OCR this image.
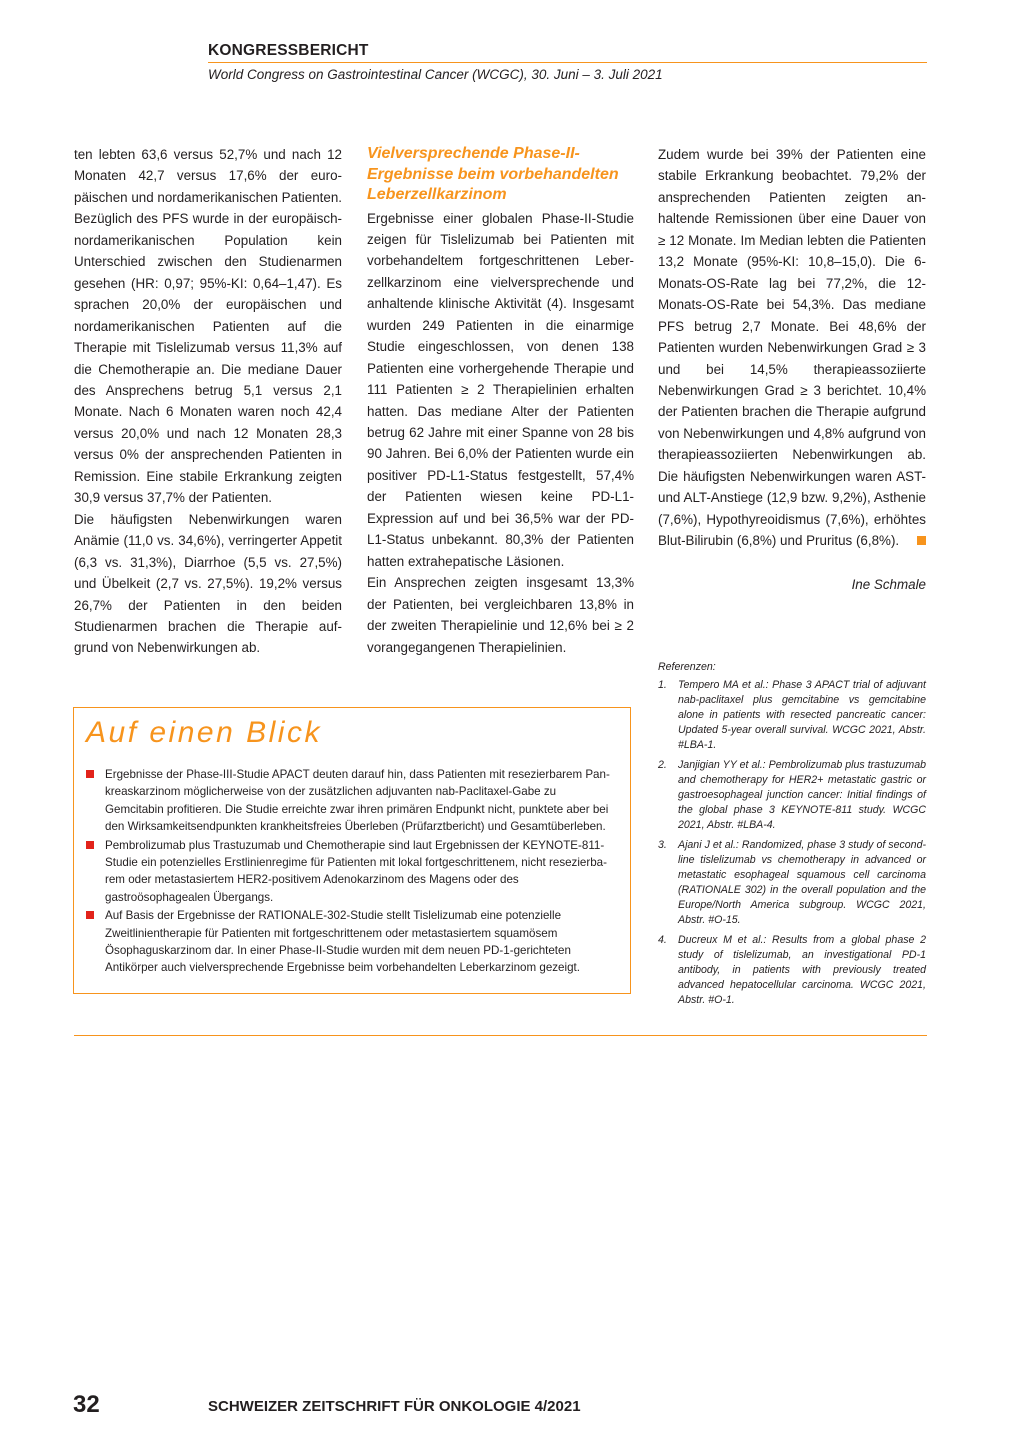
KONGRESSBERICHT
World Congress on Gastrointestinal Cancer (WCGC), 30. Juni – 3. Juli 2021

ten lebten 63,6 versus 52,7% und nach 12 Monaten 42,7 versus 17,6% der europäischen und nordamerikanischen Patienten. Bezüglich des PFS wurde in der europäisch-nordamerikanischen Population kein Unterschied zwischen den Studienarmen gesehen (HR: 0,97; 95%-KI: 0,64–1,47). Es sprachen 20,0% der europäischen und nordamerikanischen Patienten auf die Therapie mit Tislelizumab versus 11,3% auf die Chemotherapie an. Die mediane Dauer des Ansprechens betrug 5,1 versus 2,1 Monate. Nach 6 Monaten waren noch 42,4 versus 20,0% und nach 12 Monaten 28,3 versus 0% der ansprechenden Patienten in Remission. Eine stabile Erkrankung zeigten 30,9 versus 37,7% der Patienten.

Die häufigsten Nebenwirkungen waren Anämie (11,0 vs. 34,6%), verringerter Appetit (6,3 vs. 31,3%), Diarrhoe (5,5 vs. 27,5%) und Übelkeit (2,7 vs. 27,5%). 19,2% versus 26,7% der Patienten in den beiden Studienarmen brachen die Therapie aufgrund von Nebenwirkungen ab.

Vielversprechende Phase-II-Ergebnisse beim vorbehandelten Leberzellkarzinom

Ergebnisse einer globalen Phase-II-Studie zeigen für Tislelizumab bei Patienten mit vorbehandeltem fortgeschrittenen Leberzellkarzinom eine vielversprechende und anhaltende klinische Aktivität (4). Insgesamt wurden 249 Patienten in die einarmige Studie eingeschlossen, von denen 138 Patienten eine vorhergehende Therapie und 111 Patienten ≥ 2 Therapielinien erhalten hatten. Das mediane Alter der Patienten betrug 62 Jahre mit einer Spanne von 28 bis 90 Jahren. Bei 6,0% der Patienten wurde ein positiver PD-L1-Status festgestellt, 57,4% der Patienten wiesen keine PD-L1-Expression auf und bei 36,5% war der PD-L1-Status unbekannt. 80,3% der Patienten hatten extrahepatische Läsionen.

Ein Ansprechen zeigten insgesamt 13,3% der Patienten, bei vergleichbaren 13,8% in der zweiten Therapielinie und 12,6% bei ≥ 2 vorangegangenen Therapielinien.

Zudem wurde bei 39% der Patienten eine stabile Erkrankung beobachtet. 79,2% der ansprechenden Patienten zeigten anhaltende Remissionen über eine Dauer von ≥ 12 Monate. Im Median lebten die Patienten 13,2 Monate (95%-KI: 10,8–15,0). Die 6-Monats-OS-Rate lag bei 77,2%, die 12-Monats-OS-Rate bei 54,3%. Das mediane PFS betrug 2,7 Monate. Bei 48,6% der Patienten wurden Nebenwirkungen Grad ≥ 3 und bei 14,5% therapieassoziierte Nebenwirkungen Grad ≥ 3 berichtet. 10,4% der Patienten brachen die Therapie aufgrund von Nebenwirkungen und 4,8% aufgrund von therapieassoziierten Nebenwirkungen ab. Die häufigsten Nebenwirkungen waren AST- und ALT-Anstiege (12,9 bzw. 9,2%), Asthenie (7,6%), Hypothyreoidismus (7,6%), erhöhtes Blut-Bilirubin (6,8%) und Pruritus (6,8%).

Ine Schmale
Referenzen:
1.	Tempero MA et al.: Phase 3 APACT trial of adjuvant nab-paclitaxel plus gemcitabine vs gemcitabine alone in patients with resected pancreatic cancer: Updated 5-year overall survival. WCGC 2021, Abstr. #LBA-1.
2.	Janjigian YY et al.: Pembrolizumab plus trastuzumab and chemotherapy for HER2+ metastatic gastric or gastroesophageal junction cancer: Initial findings of the global phase 3 KEYNOTE-811 study. WCGC 2021, Abstr. #LBA-4.
3.	Ajani J et al.: Randomized, phase 3 study of second-line tislelizumab vs chemotherapy in advanced or metastatic esophageal squamous cell carcinoma (RATIONALE 302) in the overall population and the Europe/North America subgroup. WCGC 2021, Abstr. #O-15.
4.	Ducreux M et al.: Results from a global phase 2 study of tislelizumab, an investigational PD-1 antibody, in patients with previously treated advanced hepatocellular carcinoma. WCGC 2021, Abstr. #O-1.
Auf einen Blick
Ergebnisse der Phase-III-Studie APACT deuten darauf hin, dass Patienten mit resezierbarem Pankreaskarzinom möglicherweise von der zusätzlichen adjuvanten nab-Paclitaxel-Gabe zu Gemcitabin profitieren. Die Studie erreichte zwar ihren primären Endpunkt nicht, punktete aber bei den Wirksamkeitsendpunkten krankheitsfreies Überleben (Prüfarztbericht) und Gesamtüberleben.
Pembrolizumab plus Trastuzumab und Chemotherapie sind laut Ergebnissen der KEYNOTE-811-Studie ein potenzielles Erstlinienregime für Patienten mit lokal fortgeschrittenem, nicht resezierbarem oder metastasiertem HER2-positivem Adenokarzinom des Magens oder des gastroösophagealen Übergangs.
Auf Basis der Ergebnisse der RATIONALE-302-Studie stellt Tislelizumab eine potenzielle Zweitlinientherapie für Patienten mit fortgeschrittenem oder metastasiertem squamösem Ösophaguskarzinom dar. In einer Phase-II-Studie wurden mit dem neuen PD-1-gerichteten Antikörper auch vielversprechende Ergebnisse beim vorbehandelten Leberkarzinom gezeigt.
32	SCHWEIZER ZEITSCHRIFT FÜR ONKOLOGIE 4/2021
